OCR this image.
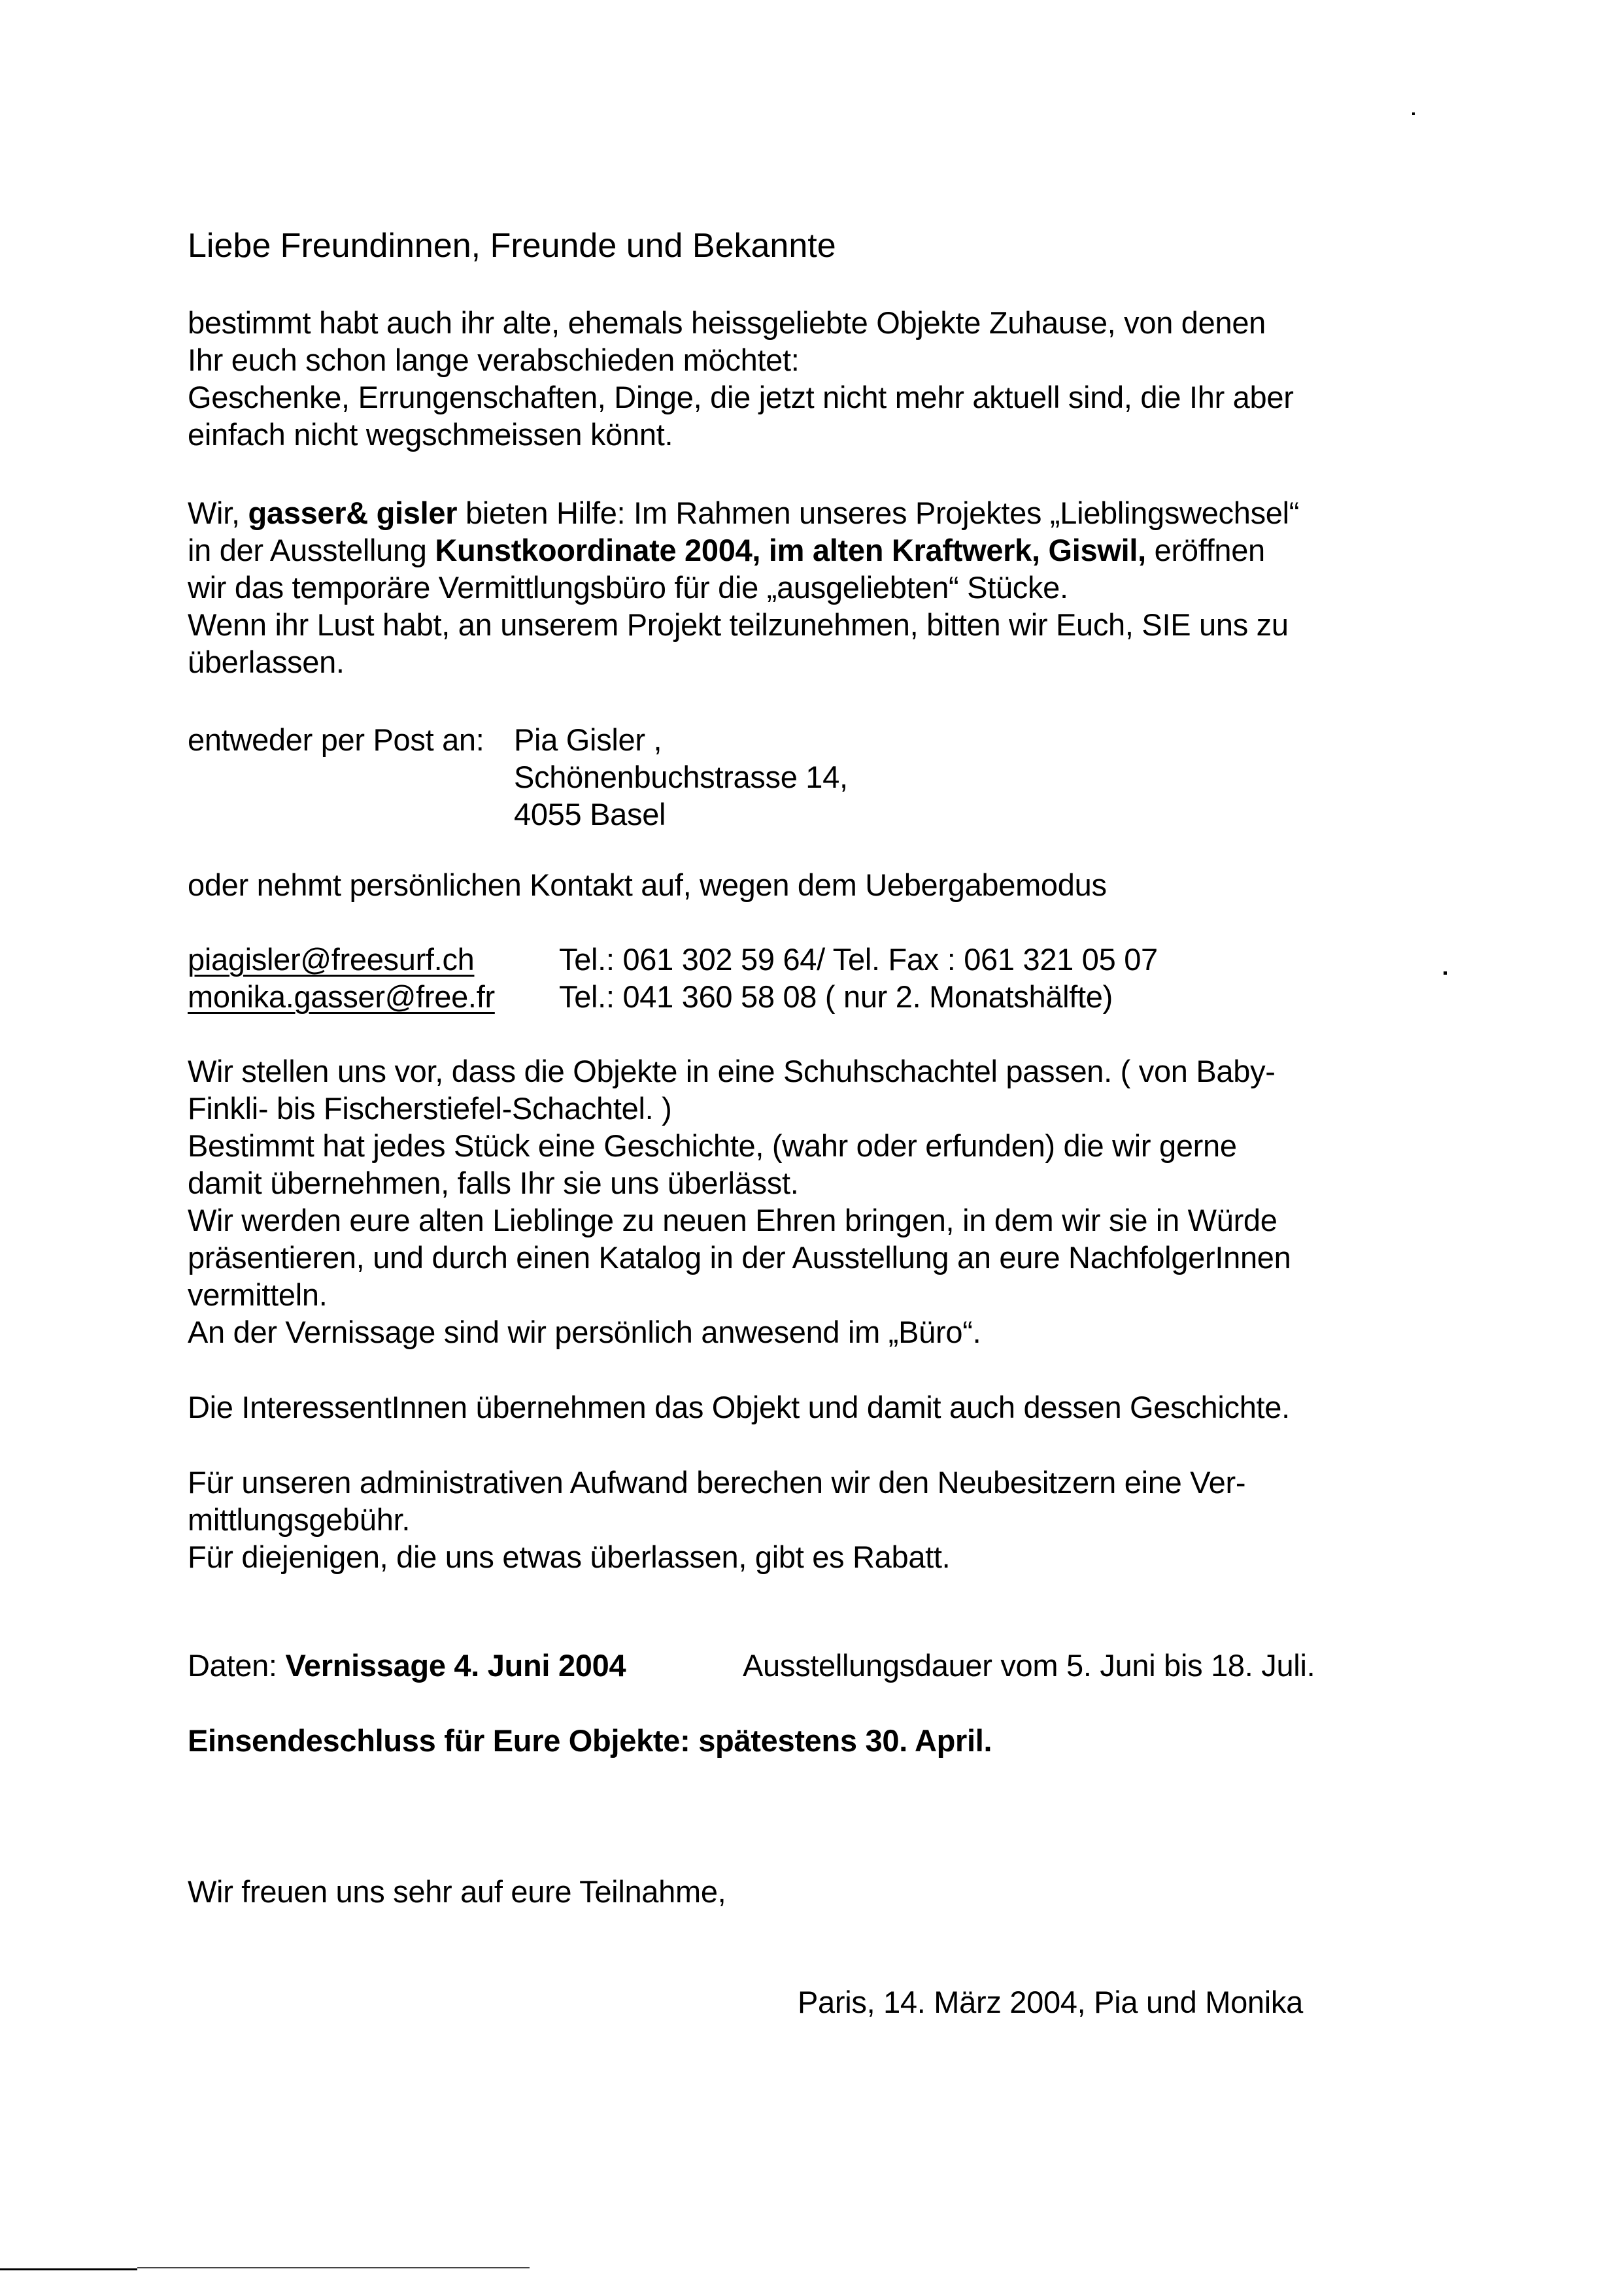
Liebe Freundinnen, Freunde und Bekannte
bestimmt habt auch ihr alte, ehemals heissgeliebte Objekte Zuhause, von denen
Ihr euch schon lange verabschieden möchtet:
Geschenke, Errungenschaften, Dinge, die jetzt nicht mehr aktuell sind, die Ihr aber
einfach nicht wegschmeissen könnt.
Wir, gasser& gisler bieten Hilfe: Im Rahmen unseres Projektes „Lieblingswechsel“
in der Ausstellung Kunstkoordinate 2004, im alten Kraftwerk, Giswil, eröffnen
wir das temporäre Vermittlungsbüro für die „ausgeliebten“ Stücke.
Wenn ihr Lust habt, an unserem Projekt teilzunehmen, bitten wir Euch, SIE uns zu
überlassen.
entweder per Post an: Pia Gisler ,
Schönenbuchstrasse 14,
4055 Basel
oder nehmt persönlichen Kontakt auf, wegen dem Uebergabemodus
piagisler@freesurf.ch	Tel.: 061 302 59 64/ Tel. Fax : 061 321 05 07
monika.gasser@free.fr Tel.: 041 360 58 08 ( nur 2. Monatshälfte)
Wir stellen uns vor, dass die Objekte in eine Schuhschachtel passen. ( von Baby-
Finkli- bis Fischerstiefel-Schachtel. )
Bestimmt hat jedes Stück eine Geschichte, (wahr oder erfunden) die wir gerne
damit übernehmen, falls Ihr sie uns überlässt.
Wir werden eure alten Lieblinge zu neuen Ehren bringen, in dem wir sie in Würde
präsentieren, und durch einen Katalog in der Ausstellung an eure NachfolgerInnen
vermitteln.
An der Vernissage sind wir persönlich anwesend im „Büro“.
Die InteressentInnen übernehmen das Objekt und damit auch dessen Geschichte.
Für unseren administrativen Aufwand berechen wir den Neubesitzern eine Ver-
mittlungsgebühr.
Für diejenigen, die uns etwas überlassen, gibt es Rabatt.
Daten: Vernissage 4. Juni 2004	Ausstellungsdauer vom 5. Juni bis 18. Juli.
Einsendeschluss für Eure Objekte: spätestens 30. April.
Wir freuen uns sehr auf eure Teilnahme,
Paris, 14. März 2004, Pia und Monika
